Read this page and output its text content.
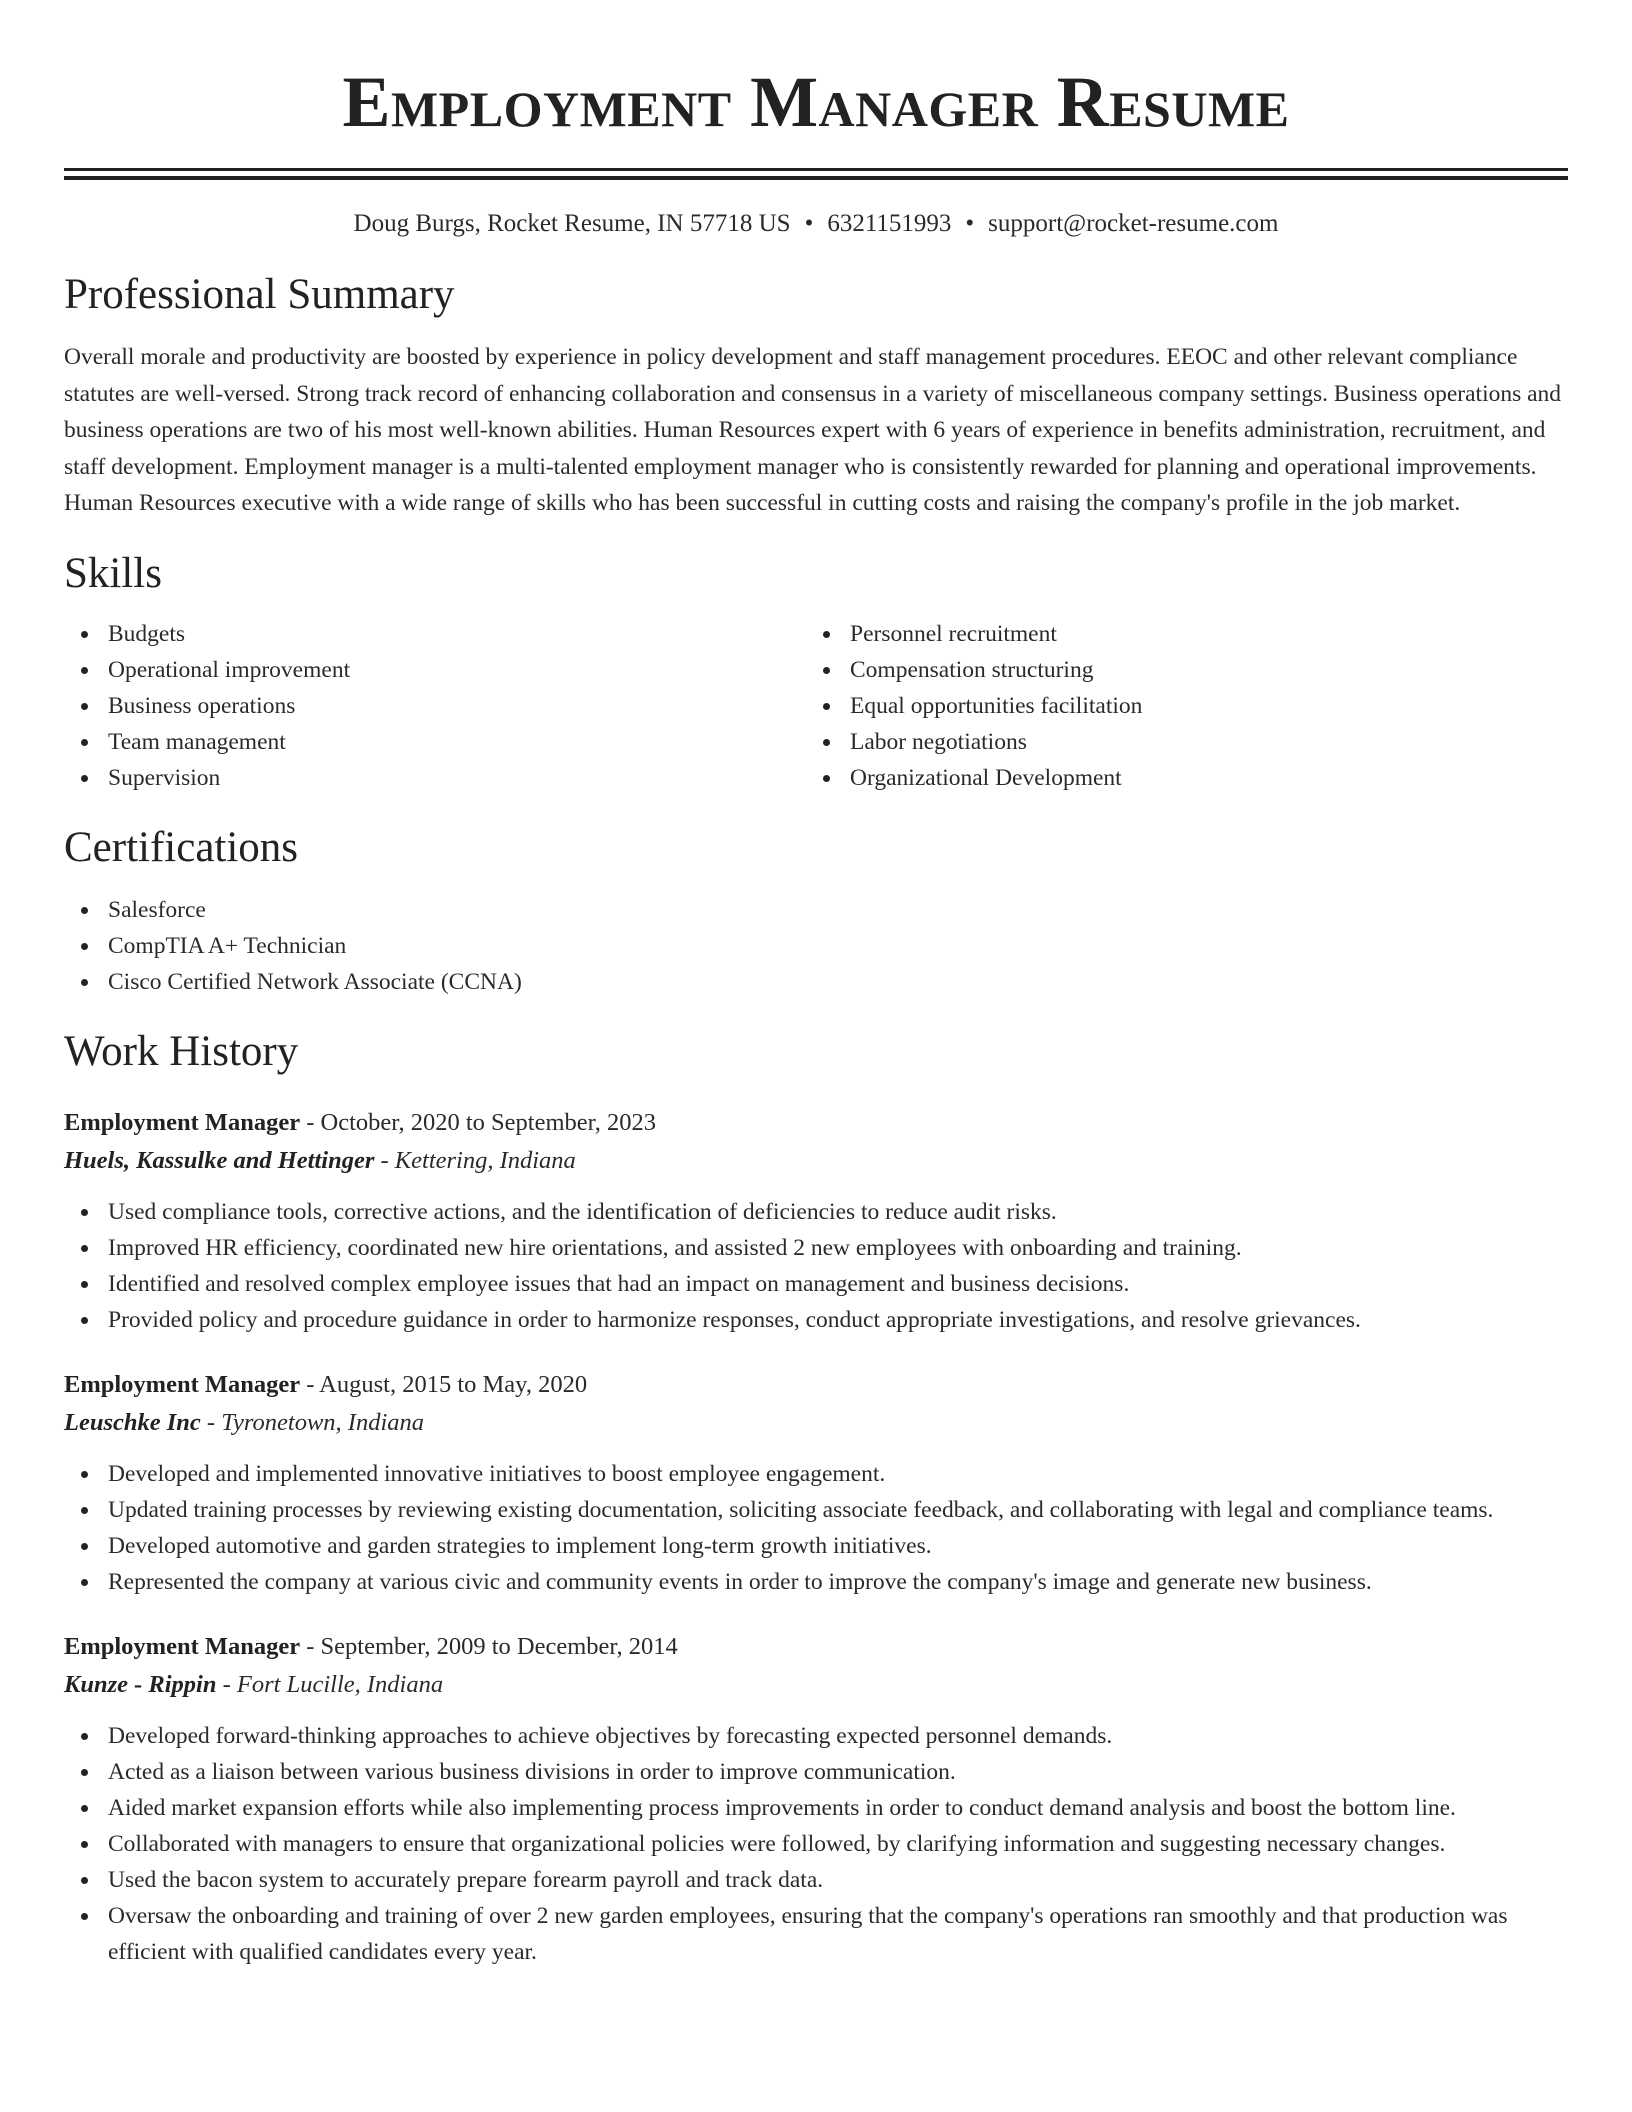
Employment Manager Resume
Doug Burgs, Rocket Resume, IN 57718 US • 6321151993 • support@rocket-resume.com
Professional Summary

Overall morale and productivity are boosted by experience in policy development and staff management procedures. EEOC and other relevant compliance statutes are well-versed. Strong track record of enhancing collaboration and consensus in a variety of miscellaneous company settings. Business operations and business operations are two of his most well-known abilities. Human Resources expert with 6 years of experience in benefits administration, recruitment, and staff development. Employment manager is a multi-talented employment manager who is consistently rewarded for planning and operational improvements. Human Resources executive with a wide range of skills who has been successful in cutting costs and raising the company's profile in the job market.

Skills
Budgets
Operational improvement
Business operations
Team management
Supervision
Personnel recruitment
Compensation structuring
Equal opportunities facilitation
Labor negotiations
Organizational Development
Certifications
Salesforce
CompTIA A+ Technician
Cisco Certified Network Associate (CCNA)
Work History
Employment Manager - October, 2020 to September, 2023
Huels, Kassulke and Hettinger - Kettering, Indiana
Used compliance tools, corrective actions, and the identification of deficiencies to reduce audit risks.
Improved HR efficiency, coordinated new hire orientations, and assisted 2 new employees with onboarding and training.
Identified and resolved complex employee issues that had an impact on management and business decisions.
Provided policy and procedure guidance in order to harmonize responses, conduct appropriate investigations, and resolve grievances.
Employment Manager - August, 2015 to May, 2020
Leuschke Inc - Tyronetown, Indiana
Developed and implemented innovative initiatives to boost employee engagement.
Updated training processes by reviewing existing documentation, soliciting associate feedback, and collaborating with legal and compliance teams.
Developed automotive and garden strategies to implement long-term growth initiatives.
Represented the company at various civic and community events in order to improve the company's image and generate new business.
Employment Manager - September, 2009 to December, 2014
Kunze - Rippin - Fort Lucille, Indiana
Developed forward-thinking approaches to achieve objectives by forecasting expected personnel demands.
Acted as a liaison between various business divisions in order to improve communication.
Aided market expansion efforts while also implementing process improvements in order to conduct demand analysis and boost the bottom line.
Collaborated with managers to ensure that organizational policies were followed, by clarifying information and suggesting necessary changes.
Used the bacon system to accurately prepare forearm payroll and track data.
Oversaw the onboarding and training of over 2 new garden employees, ensuring that the company's operations ran smoothly and that production was efficient with qualified candidates every year.
